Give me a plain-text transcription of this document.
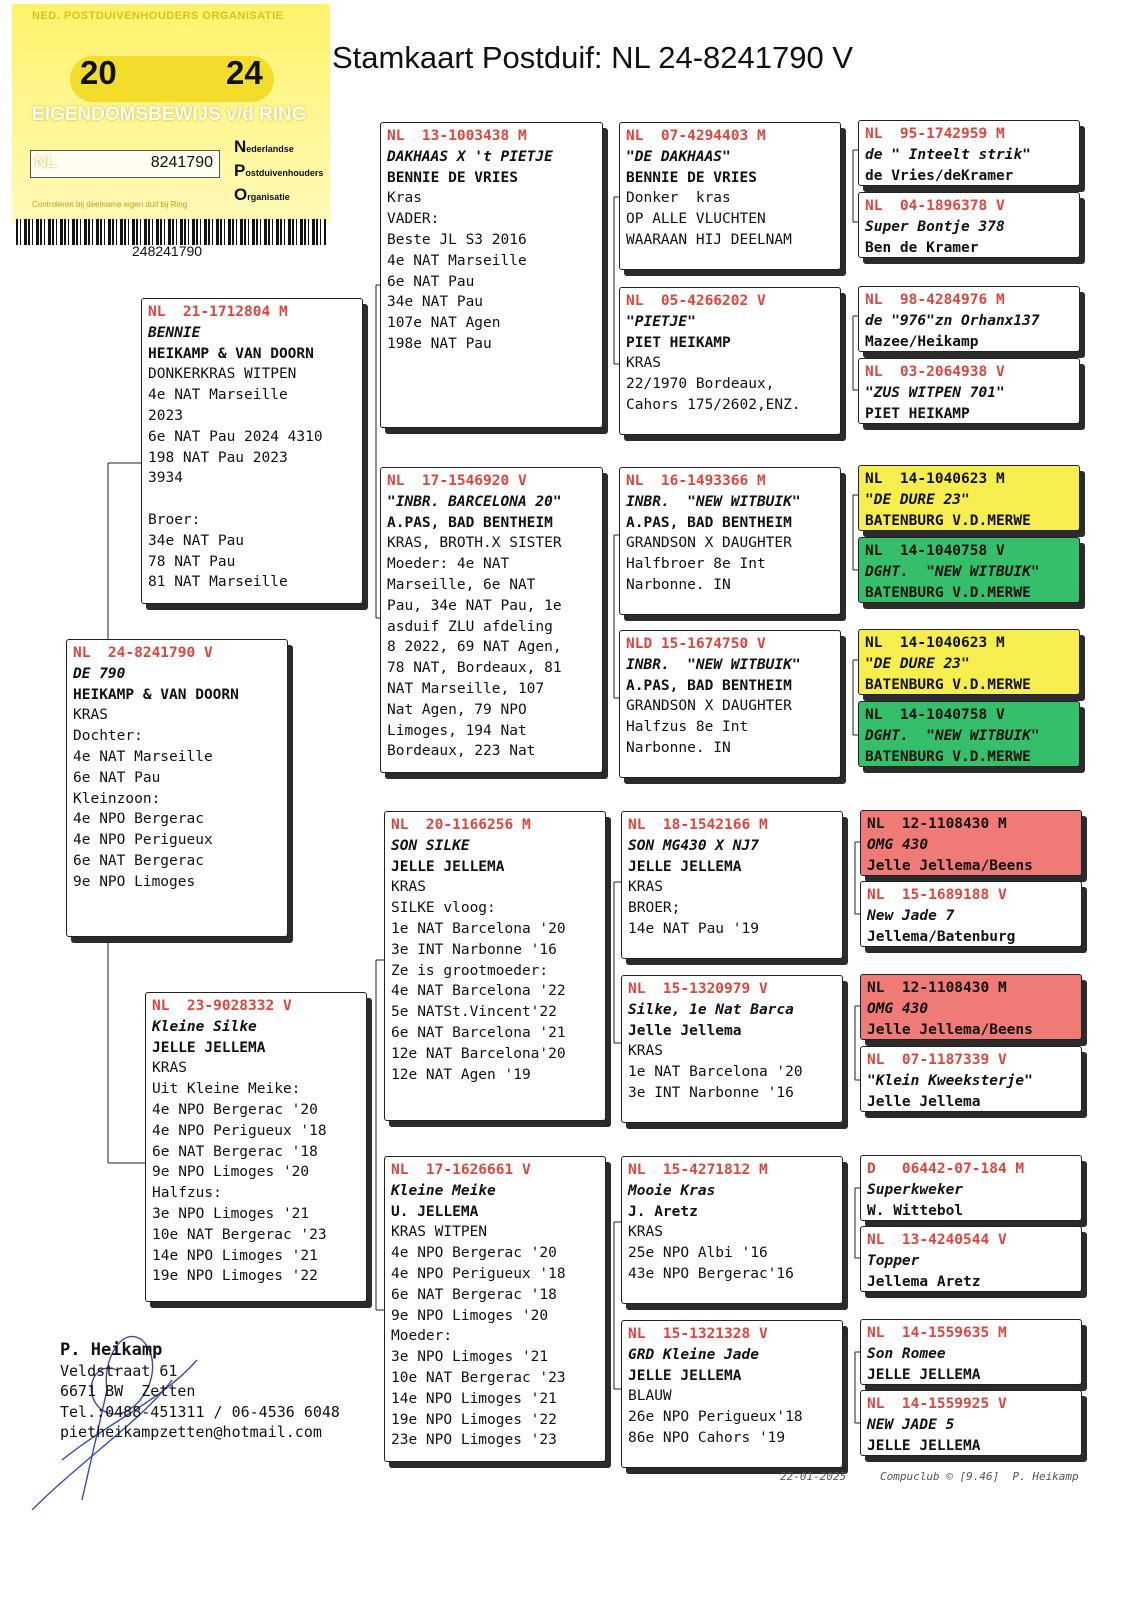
NED. POSTDUIVENHOUDERS ORGANISATIE
20	24
EIGENDOMSBEWIJS v/d RING
NL	8241790
Nederlandse
Postduivenhouders
Organisatie
Controleren bij deelname eigen duif bij Ring
248241790
Stamkaart Postduif: NL 24-8241790 V
NL  24-8241790 V
DE 790
HEIKAMP & VAN DOORN
KRAS
Dochter:
4e NAT Marseille
6e NAT Pau
Kleinzoon:
4e NPO Bergerac
4e NPO Perigueux
6e NAT Bergerac
9e NPO Limoges
NL  21-1712804 M
BENNIE
HEIKAMP & VAN DOORN
DONKERKRAS WITPEN
4e NAT Marseille
2023
6e NAT Pau 2024 4310
198 NAT Pau 2023
3934

Broer:
34e NAT Pau
78 NAT Pau
81 NAT Marseille
NL  23-9028332 V
Kleine Silke
JELLE JELLEMA
KRAS
Uit Kleine Meike:
4e NPO Bergerac '20
4e NPO Perigueux '18
6e NAT Bergerac '18
9e NPO Limoges '20
Halfzus:
3e NPO Limoges '21
10e NAT Bergerac '23
14e NPO Limoges '21
19e NPO Limoges '22
NL  13-1003438 M
DAKHAAS X 't PIETJE
BENNIE DE VRIES
Kras
VADER:
Beste JL S3 2016
4e NAT Marseille
6e NAT Pau
34e NAT Pau
107e NAT Agen
198e NAT Pau
NL  17-1546920 V
"INBR. BARCELONA 20"
A.PAS, BAD BENTHEIM
KRAS, BROTH.X SISTER
Moeder: 4e NAT
Marseille, 6e NAT
Pau, 34e NAT Pau, 1e
asduif ZLU afdeling
8 2022, 69 NAT Agen,
78 NAT, Bordeaux, 81
NAT Marseille, 107
Nat Agen, 79 NPO
Limoges, 194 Nat
Bordeaux, 223 Nat
NL  20-1166256 M
SON SILKE
JELLE JELLEMA
KRAS
SILKE vloog:
1e NAT Barcelona '20
3e INT Narbonne '16
Ze is grootmoeder:
4e NAT Barcelona '22
5e NATSt.Vincent'22
6e NAT Barcelona '21
12e NAT Barcelona'20
12e NAT Agen '19
NL  17-1626661 V
Kleine Meike
U. JELLEMA
KRAS WITPEN
4e NPO Bergerac '20
4e NPO Perigueux '18
6e NAT Bergerac '18
9e NPO Limoges '20
Moeder:
3e NPO Limoges '21
10e NAT Bergerac '23
14e NPO Limoges '21
19e NPO Limoges '22
23e NPO Limoges '23
NL  07-4294403 M
"DE DAKHAAS"
BENNIE DE VRIES
Donker  kras
OP ALLE VLUCHTEN
WAARAAN HIJ DEELNAM
NL  05-4266202 V
"PIETJE"
PIET HEIKAMP
KRAS
22/1970 Bordeaux,
Cahors 175/2602,ENZ.
NL  16-1493366 M
INBR.  "NEW WITBUIK"
A.PAS, BAD BENTHEIM
GRANDSON X DAUGHTER
Halfbroer 8e Int
Narbonne. IN
NLD 15-1674750 V
INBR.  "NEW WITBUIK"
A.PAS, BAD BENTHEIM
GRANDSON X DAUGHTER
Halfzus 8e Int
Narbonne. IN
NL  18-1542166 M
SON MG430 X NJ7
JELLE JELLEMA
KRAS
BROER;
14e NAT Pau '19
NL  15-1320979 V
Silke, 1e Nat Barca
Jelle Jellema
KRAS
1e NAT Barcelona '20
3e INT Narbonne '16
NL  15-4271812 M
Mooie Kras
J. Aretz
KRAS
25e NPO Albi '16
43e NPO Bergerac'16
NL  15-1321328 V
GRD Kleine Jade
JELLE JELLEMA
BLAUW
26e NPO Perigueux'18
86e NPO Cahors '19
NL  95-1742959 M
de " Inteelt strik"
de Vries/deKramer
NL  04-1896378 V
Super Bontje 378
Ben de Kramer
NL  98-4284976 M
de "976"zn Orhanx137
Mazee/Heikamp
NL  03-2064938 V
"ZUS WITPEN 701"
PIET HEIKAMP
NL  14-1040623 M
"DE DURE 23"
BATENBURG V.D.MERWE
NL  14-1040758 V
DGHT.  "NEW WITBUIK"
BATENBURG V.D.MERWE
NL  14-1040623 M
"DE DURE 23"
BATENBURG V.D.MERWE
NL  14-1040758 V
DGHT.  "NEW WITBUIK"
BATENBURG V.D.MERWE
NL  12-1108430 M
OMG 430
Jelle Jellema/Beens
NL  15-1689188 V
New Jade 7
Jellema/Batenburg
NL  12-1108430 M
OMG 430
Jelle Jellema/Beens
NL  07-1187339 V
"Klein Kweeksterje"
Jelle Jellema
D   06442-07-184 M
Superkweker
W. Wittebol
NL  13-4240544 V
Topper
Jellema Aretz
NL  14-1559635 M
Son Romee
JELLE JELLEMA
NL  14-1559925 V
NEW JADE 5
JELLE JELLEMA
P. Heikamp
Veldstraat 61
6671 BW  Zetten
Tel.:0488-451311 / 06-4536 6048
pietheikampzetten@hotmail.com
22-01-2025	Compuclub © [9.46]  P. Heikamp
